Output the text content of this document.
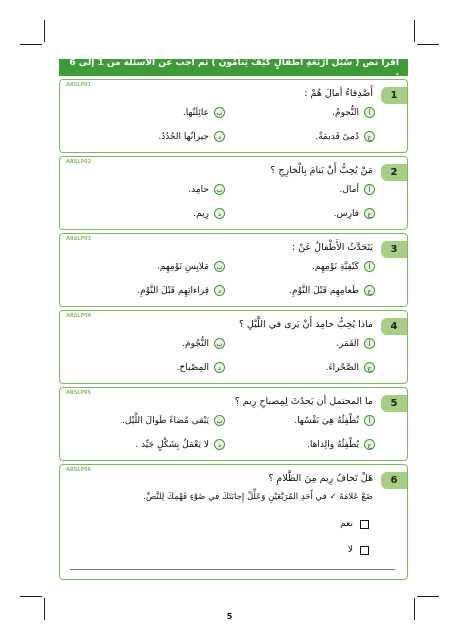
اقرأ نص ( سُبُلُ أَرْبَعَةِ أَطْفالٍ كَيْفَ يَنامُونَ ) ثم أجب عن الأسئلة من 1 إلى 6 .
ARSLP01
1
أَصْدِقاءُ أمالَ هُمْ :
أ
النُّجومُ.
ب
عائِلَتُها.
ج
دُمىً قَديمَةٌ.
د
جيرانُها الجُدُدُ.
ARSLP02
2
مَنْ يُحِبُّ أَنْ يَنامَ بِالْخارِجِ ؟
أ
أمال.
ب
حامِد.
ج
فارِس.
د
رِيم.
ARSLP03
3
يَتَحَدَّثُ الأَطْفالُ عَنْ :
أ
كَيْفِيَّةِ نَوْمِهِم.
ب
مَلابِسِ نَوْمِهِم.
ج
طَعامِهِم قَبْلَ النَّوْمِ.
د
قِراءاتِهِم قَبْلَ النَّوْمِ.
ARSLP04
4
ماذا يُحِبُّ حامِد أَنْ يَرى في اللَّيْلِ ؟
أ
القَمَر.
ب
النُّجُومَ.
ج
الصَّحْراءَ.
د
المِصْباحَ.
ARSLP05
5
ما المحتمل أن يَحدُثَ لِمِصباحِ رِيم ؟
أ
تُطْفِئُهُ هِيَ نَفْسُها.
ب
يَبْقى مُضاءً طَوالَ اللَّيْل.
ج
يُطْفِئُهُ والِداها.
د
لا يَعْمَلُ بِشَكْلٍ جَيِّد .
ARSLP06
6
هَلْ تَخافُ رِيم مِنَ الظَّلامِ ؟
ضَعْ عَلامَةَ ✓ في أَحَدِ المُرَبَّعَيْنِ وَعَلِّلْ إِجابَتَكَ في ضَوْءِ فَهْمِكَ لِلنَّصِّ.
نعم
لا
5
